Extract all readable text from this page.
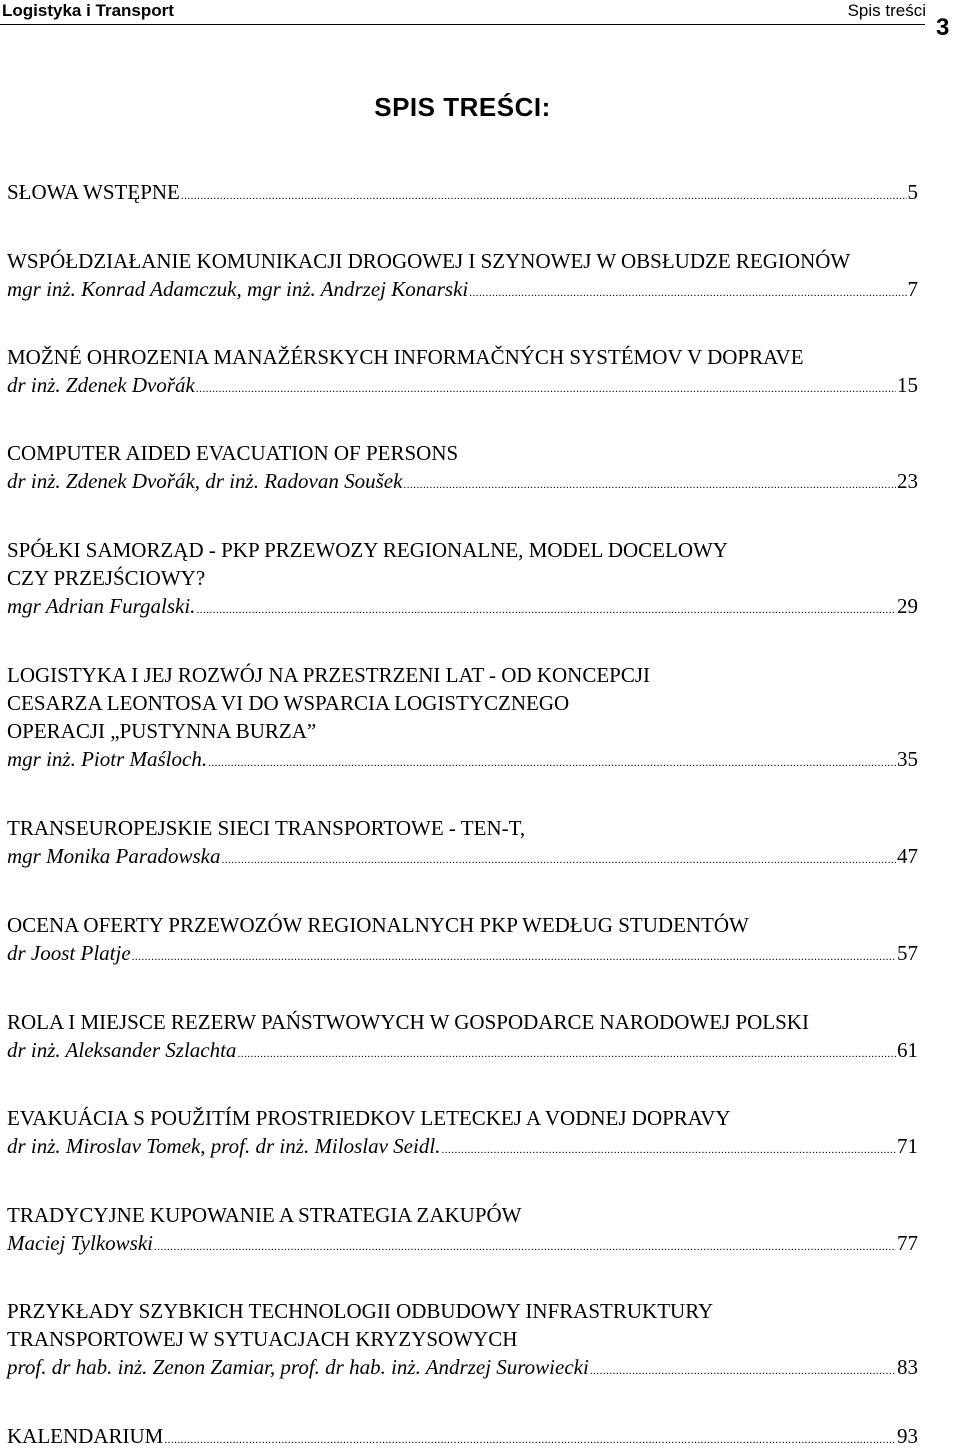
Logistyka i Transport	Spis treści
3
SPIS TREŚCI:
SŁOWA WSTĘPNE .....	5
WSPÓŁDZIAŁANIE KOMUNIKACJI DROGOWEJ I SZYNOWEJ W OBSŁUDZE REGIONÓW
mgr inż. Konrad Adamczuk, mgr inż. Andrzej Konarski .....	7
MOŽNÉ OHROZENIA MANAŽÉRSKYCH INFORMAČNÝCH SYSTÉMOV V DOPRAVE
dr inż. Zdenek Dvořák .....	15
COMPUTER AIDED EVACUATION OF PERSONS
dr inż. Zdenek Dvořák, dr inż. Radovan Soušek .....	23
SPÓŁKI SAMORZĄD - PKP PRZEWOZY REGIONALNE, MODEL DOCELOWY
CZY PRZEJŚCIOWY?
mgr Adrian Furgalski. .....	29
LOGISTYKA I JEJ ROZWÓJ NA PRZESTRZENI LAT - OD KONCEPCJI
CESARZA LEONTOSA VI DO WSPARCIA LOGISTYCZNEGO
OPERACJI „PUSTYNNA BURZA”
mgr inż. Piotr Maśloch. .....	35
TRANSEUROPEJSKIE SIECI TRANSPORTOWE - TEN-T,
mgr Monika Paradowska .....	47
OCENA OFERTY PRZEWOZÓW REGIONALNYCH PKP WEDŁUG STUDENTÓW
dr Joost Platje .....	57
ROLA I MIEJSCE REZERW PAŃSTWOWYCH W GOSPODARCE NARODOWEJ POLSKI
dr inż. Aleksander Szlachta .....	61
EVAKUÁCIA S POUŽITÍM PROSTRIEDKOV LETECKEJ A VODNEJ DOPRAVY
dr inż. Miroslav Tomek, prof. dr inż. Miloslav Seidl. .....	71
TRADYCYJNE KUPOWANIE A STRATEGIA ZAKUPÓW
Maciej Tylkowski .....	77
PRZYKŁADY SZYBKICH TECHNOLOGII ODBUDOWY INFRASTRUKTURY
TRANSPORTOWEJ W SYTUACJACH KRYZYSOWYCH
prof. dr hab. inż. Zenon Zamiar, prof. dr hab. inż. Andrzej Surowiecki .....	83
KALENDARIUM .....	93
